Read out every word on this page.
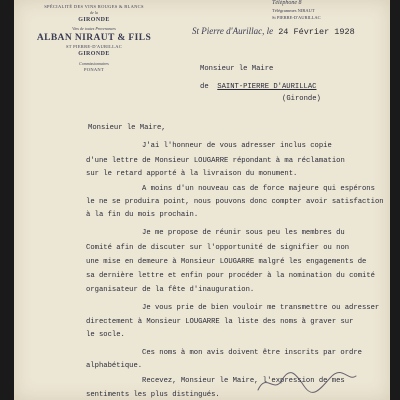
SPÉCIALITÉ DES VINS ROUGES & BLANCS
de la
GIRONDE
Vins de toutes Provenances
ALBAN NIRAUT & FILS
ST PIERRE-D'AURILLAC
GIRONDE
Commissionnaires
PONANT
Téléphone 8
Télégrammes NIRAUT
St PIERRE-D'AURILLAC
St Pierre d'Aurillac, le 24 Février 1928
Monsieur le Maire
de SAINT-PIERRE D'AURILLAC
(Gironde)
Monsieur le Maire,
J'ai l'honneur de vous adresser inclus copie
d'une lettre de Monsieur LOUGARRE répondant à ma réclamation
sur le retard apporté à la livraison du monument.
A moins d'un nouveau cas de force majeure qui espérons
le ne se produira point, nous pouvons donc compter avoir satisfaction
à la fin du mois prochain.
Je me propose de réunir sous peu les membres du
Comité afin de discuter sur l'opportunité de signifier ou non
une mise en demeure à Monsieur LOUGARRE malgré les engagements de
sa dernière lettre et enfin pour procéder à la nomination du comité
organisateur de la fête d'inauguration.
Je vous prie de bien vouloir me transmettre ou adresser
directement à Monsieur LOUGARRE la liste des noms à graver sur
le socle.
Ces noms à mon avis doivent être inscrits par ordre
alphabétique.
Recevez, Monsieur le Maire, l'expression de mes
sentiments les plus distingués.
